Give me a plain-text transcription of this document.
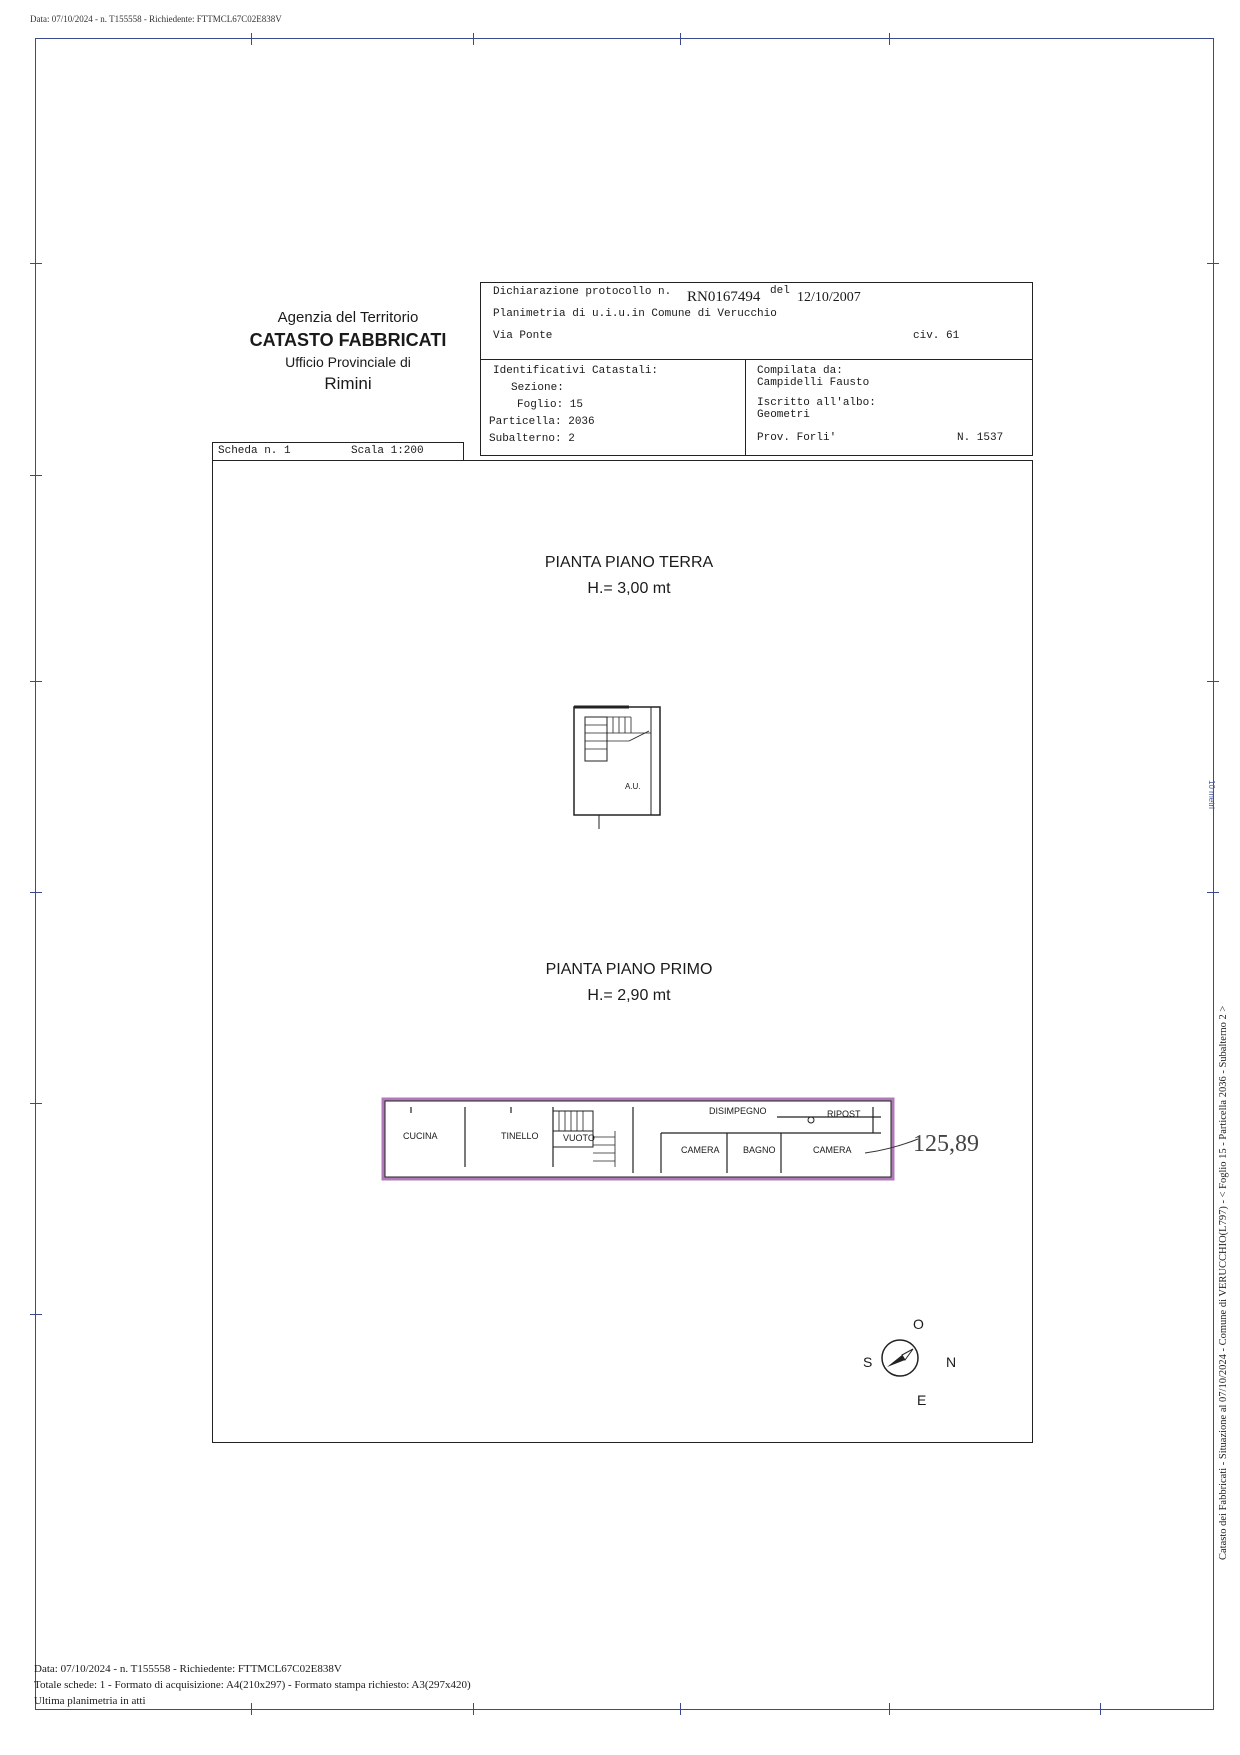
Data: 07/10/2024 - n. T155558 - Richiedente: FTTMCL67C02E838V
Agenzia del Territorio
CATASTO FABBRICATI
Ufficio Provinciale di
Rimini
Scheda n. 1	Scala 1:200
Dichiarazione protocollo n. RN0167494 del 12/10/2007
Planimetria di u.i.u.in Comune di Verucchio
Via Ponte	civ. 61
Identificativi Catastali:
Sezione:
Foglio: 15
Particella: 2036
Subalterno: 2
Compilata da:
Campidelli Fausto
Iscritto all'albo:
Geometri
Prov. Forli'	N. 1537
PIANTA PIANO TERRA
H.= 3,00 mt
A.U.
PIANTA PIANO PRIMO
H.= 2,90 mt
CUCINA	TINELLO	VUOTO
DISIMPEGNO	RIPOST
CAMERA	BAGNO	CAMERA	125,89
O
E
S	N
Data: 07/10/2024 - n. T155558 - Richiedente: FTTMCL67C02E838V
Totale schede: 1 - Formato di acquisizione: A4(210x297) - Formato stampa richiesto: A3(297x420)
Ultima planimetria in atti
Catasto dei Fabbricati - Situazione al 07/10/2024 - Comune di VERUCCHIO(L797) - < Foglio 15 - Particella 2036 - Subalterno 2 >
10 metri
